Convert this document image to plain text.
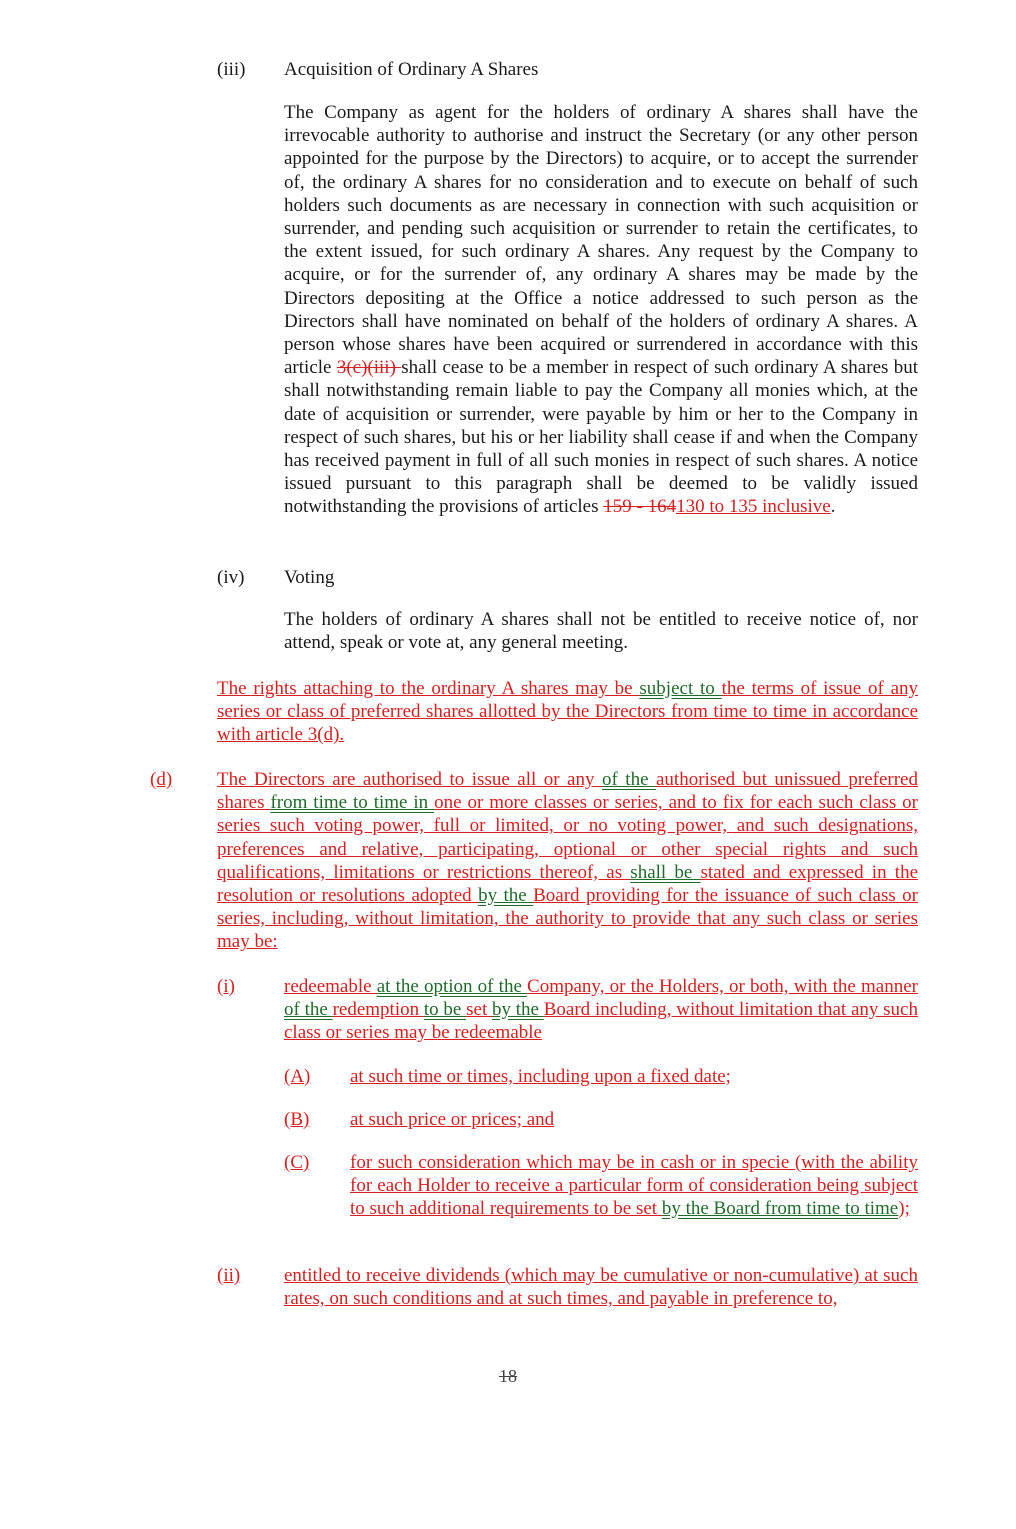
(iii) Acquisition of Ordinary A Shares
The Company as agent for the holders of ordinary A shares shall have the irrevocable authority to authorise and instruct the Secretary (or any other person appointed for the purpose by the Directors) to acquire, or to accept the surrender of, the ordinary A shares for no consideration and to execute on behalf of such holders such documents as are necessary in connection with such acquisition or surrender, and pending such acquisition or surrender to retain the certificates, to the extent issued, for such ordinary A shares. Any request by the Company to acquire, or for the surrender of, any ordinary A shares may be made by the Directors depositing at the Office a notice addressed to such person as the Directors shall have nominated on behalf of the holders of ordinary A shares. A person whose shares have been acquired or surrendered in accordance with this article 3(c)(iii) shall cease to be a member in respect of such ordinary A shares but shall notwithstanding remain liable to pay the Company all monies which, at the date of acquisition or surrender, were payable by him or her to the Company in respect of such shares, but his or her liability shall cease if and when the Company has received payment in full of all such monies in respect of such shares. A notice issued pursuant to this paragraph shall be deemed to be validly issued notwithstanding the provisions of articles 159 - 164130 to 135 inclusive.
(iv) Voting
The holders of ordinary A shares shall not be entitled to receive notice of, nor attend, speak or vote at, any general meeting.
The rights attaching to the ordinary A shares may be subject to the terms of issue of any series or class of preferred shares allotted by the Directors from time to time in accordance with article 3(d).
(d) The Directors are authorised to issue all or any of the authorised but unissued preferred shares from time to time in one or more classes or series, and to fix for each such class or series such voting power, full or limited, or no voting power, and such designations, preferences and relative, participating, optional or other special rights and such qualifications, limitations or restrictions thereof, as shall be stated and expressed in the resolution or resolutions adopted by the Board providing for the issuance of such class or series, including, without limitation, the authority to provide that any such class or series may be:
(i)	redeemable at the option of the Company, or the Holders, or both, with the manner of the redemption to be set by the Board including, without limitation that any such class or series may be redeemable
(A) at such time or times, including upon a fixed date;
(B) at such price or prices; and
(C) for such consideration which may be in cash or in specie (with the ability for each Holder to receive a particular form of consideration being subject to such additional requirements to be set by the Board from time to time);
(ii) entitled to receive dividends (which may be cumulative or non-cumulative) at such rates, on such conditions and at such times, and payable in preference to,
18
